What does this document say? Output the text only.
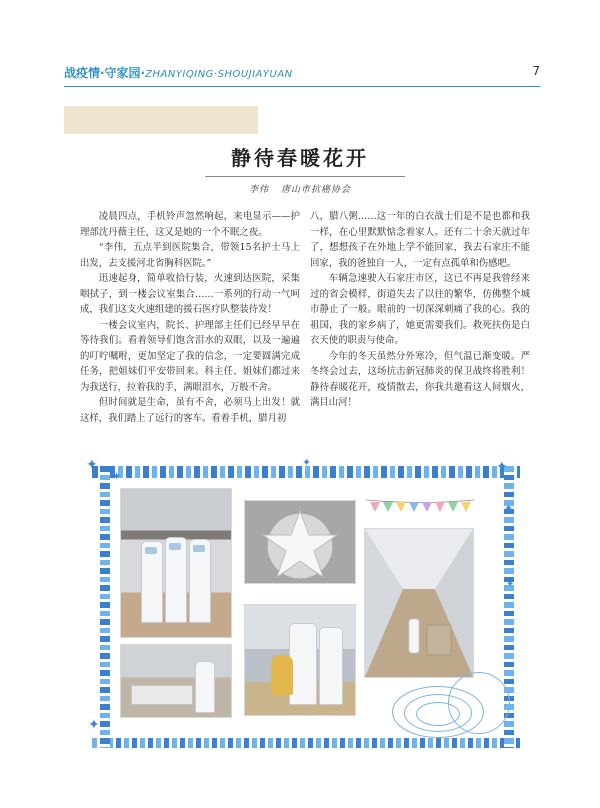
战疫情·守家园·ZHANYIQING·SHOUJIAYUAN	7
静待春暖花开
李伟 唐山市抗癌协会

凌晨四点，手机铃声忽然响起，来电显示——护理部沈丹薇主任，这又是她的一个不眠之夜。

“李伟，五点半到医院集合，带领15名护士马上出发，去支援河北省胸科医院。”

迅速起身，简单收拾行装，火速到达医院，采集咽拭子，到一楼会议室集合……一系列的行动一气呵成，我们这支火速组建的援石医疗队整装待发！

一楼会议室内，院长、护理部主任们已经早早在等待我们。看着领导们饱含泪水的双眼，以及一遍遍的叮咛嘱咐，更加坚定了我的信念，一定要圆满完成任务，把姐妹们平安带回来。科主任、姐妹们都过来为我送行，拉着我的手，满眼泪水，万般不舍。

但时间就是生命，虽有不舍，必须马上出发！就这样，我们踏上了远行的客车。看着手机，腊月初

八，腊八粥……这一年的白衣战士们是不是也都和我一样，在心里默默惦念着家人。还有二十余天就过年了，想想孩子在外地上学不能回家，我去石家庄不能回家，我的爸独自一人，一定有点孤单和伤感吧。

车辆急速驶入石家庄市区，这已不再是我曾经来过的省会模样，街道失去了以往的繁华，仿佛整个城市静止了一般。眼前的一切深深刺痛了我的心。我的祖国，我的家乡病了，她更需要我们。救死扶伤是白衣天使的职责与使命。

今年的冬天虽然分外寒冷，但气温已渐变暖。严冬终会过去，这场抗击新冠肺炎的保卫战终将胜利！静待春暖花开，疫情散去，你我共邀看这人间烟火，满目山河！

✦
✦
✦
✦
✦
✦
✦
